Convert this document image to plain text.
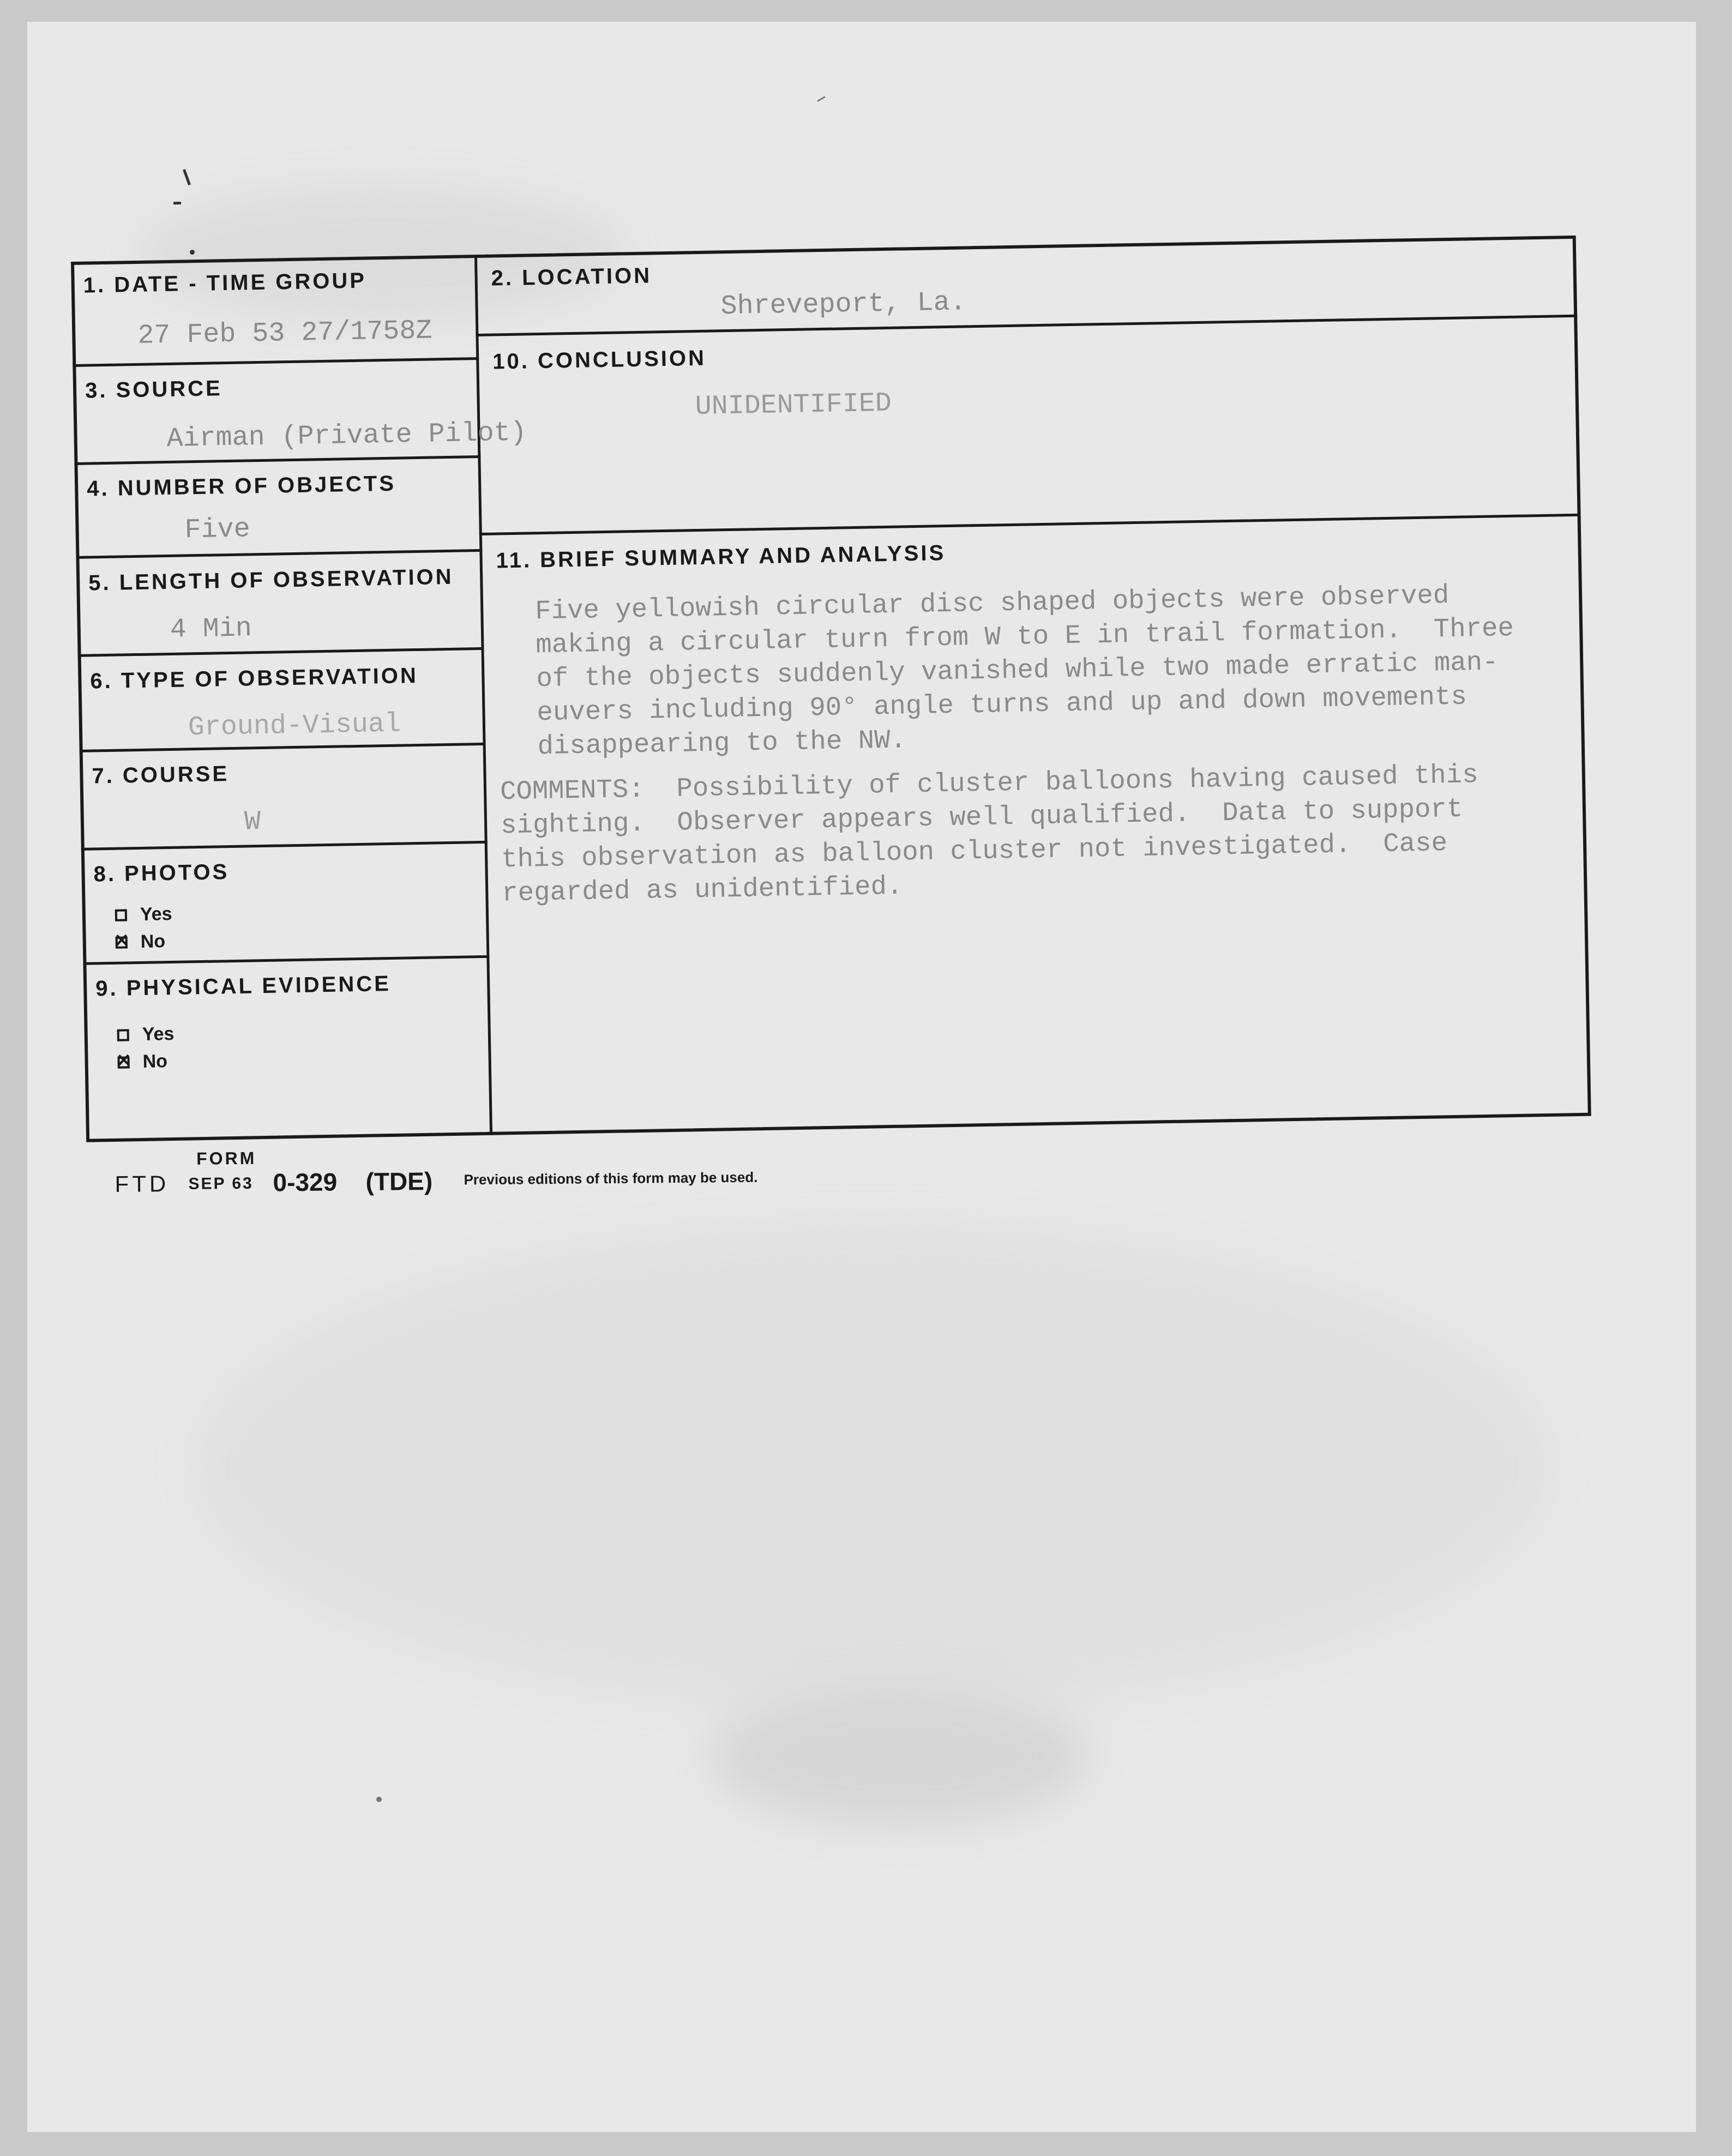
1. DATE - TIME GROUP
27 Feb 53 27/1758Z
2. LOCATION
Shreveport, La.
3. SOURCE
Airman (Private Pilot)
4. NUMBER OF OBJECTS
Five
5. LENGTH OF OBSERVATION
4 Min
6. TYPE OF OBSERVATION
Ground-Visual
7. COURSE
W
8. PHOTOS
Yes
✕
No
9. PHYSICAL EVIDENCE
Yes
✕
No
10. CONCLUSION
UNIDENTIFIED
11. BRIEF SUMMARY AND ANALYSIS
Five yellowish circular disc shaped objects were observed
making a circular turn from W to E in trail formation.  Three
of the objects suddenly vanished while two made erratic man-
euvers including 90° angle turns and up and down movements
disappearing to the NW.
COMMENTS:  Possibility of cluster balloons having caused this
sighting.  Observer appears well qualified.  Data to support
this observation as balloon cluster not investigated.  Case
regarded as unidentified.
FORM
FTD SEP 63 0-329 (TDE) Previous editions of this form may be used.
